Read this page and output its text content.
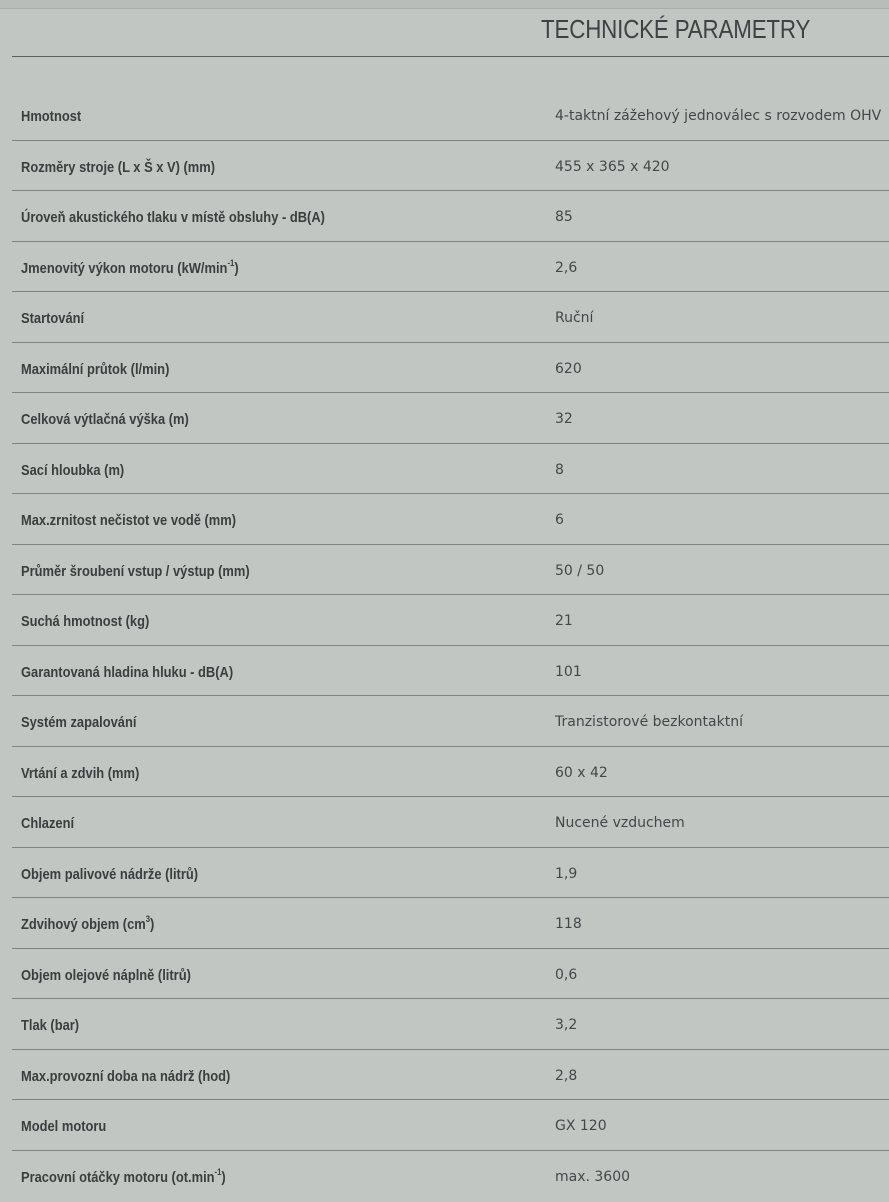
TECHNICKÉ PARAMETRY
Hmotnost	4-taktní zážehový jednoválec s rozvodem OHV
Rozměry stroje (L x Š x V) (mm)	455 x 365 x 420
Úroveň akustického tlaku v místě obsluhy - dB(A)	85
Jmenovitý výkon motoru $(kW/\min^{-1})$	2,6
Startování	Ruční
Maximální průtok (l/min)	620
Celková výtlačná výška (m)	32
Sací hloubka (m)	8
Max.zrnitost nečistot ve vodě (mm)	6
Průměr šroubení vstup / výstup (mm)	50 / 50
Suchá hmotnost (kg)	21
Garantovaná hladina hluku - dB(A)	101
Systém zapalování	Tranzistorové bezkontaktní
Vrtání a zdvih (mm)	60 x 42
Chlazení	Nucené vzduchem
Objem palivové nádrže (litrů)	1,9
Zdvihový objem $(cm^3)$	118
Objem olejové náplně (litrů)	0,6
Tlak (bar)	3,2
Max.provozní doba na nádrž (hod)	2,8
Model motoru	GX 120
Pracovní otáčky motoru $(ot.\min^{-1})$	max. 3600
